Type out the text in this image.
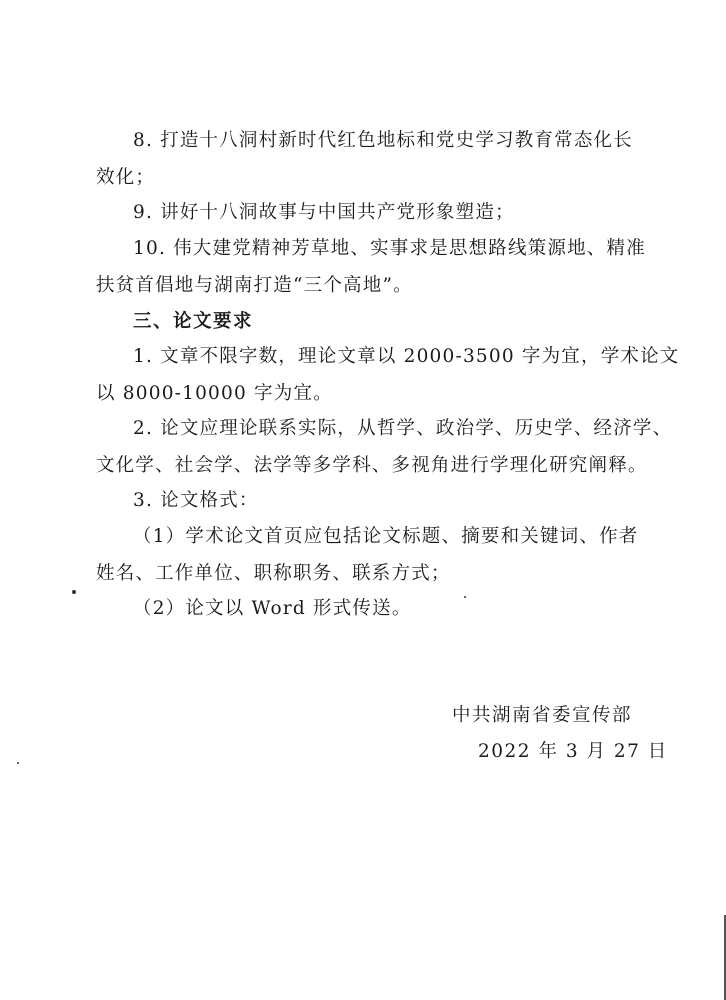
8. 打造十八洞村新时代红色地标和党史学习教育常态化长
效化；
9. 讲好十八洞故事与中国共产党形象塑造；
10. 伟大建党精神芳草地、实事求是思想路线策源地、精准
扶贫首倡地与湖南打造“三个高地”。
三、论文要求
1. 文章不限字数，理论文章以 2000-3500 字为宜，学术论文
以 8000-10000 字为宜。
2. 论文应理论联系实际，从哲学、政治学、历史学、经济学、
文化学、社会学、法学等多学科、多视角进行学理化研究阐释。
3. 论文格式：
（1）学术论文首页应包括论文标题、摘要和关键词、作者
姓名、工作单位、职称职务、联系方式；
（2）论文以 Word 形式传送。
中共湖南省委宣传部
2022 年 3 月 27 日
